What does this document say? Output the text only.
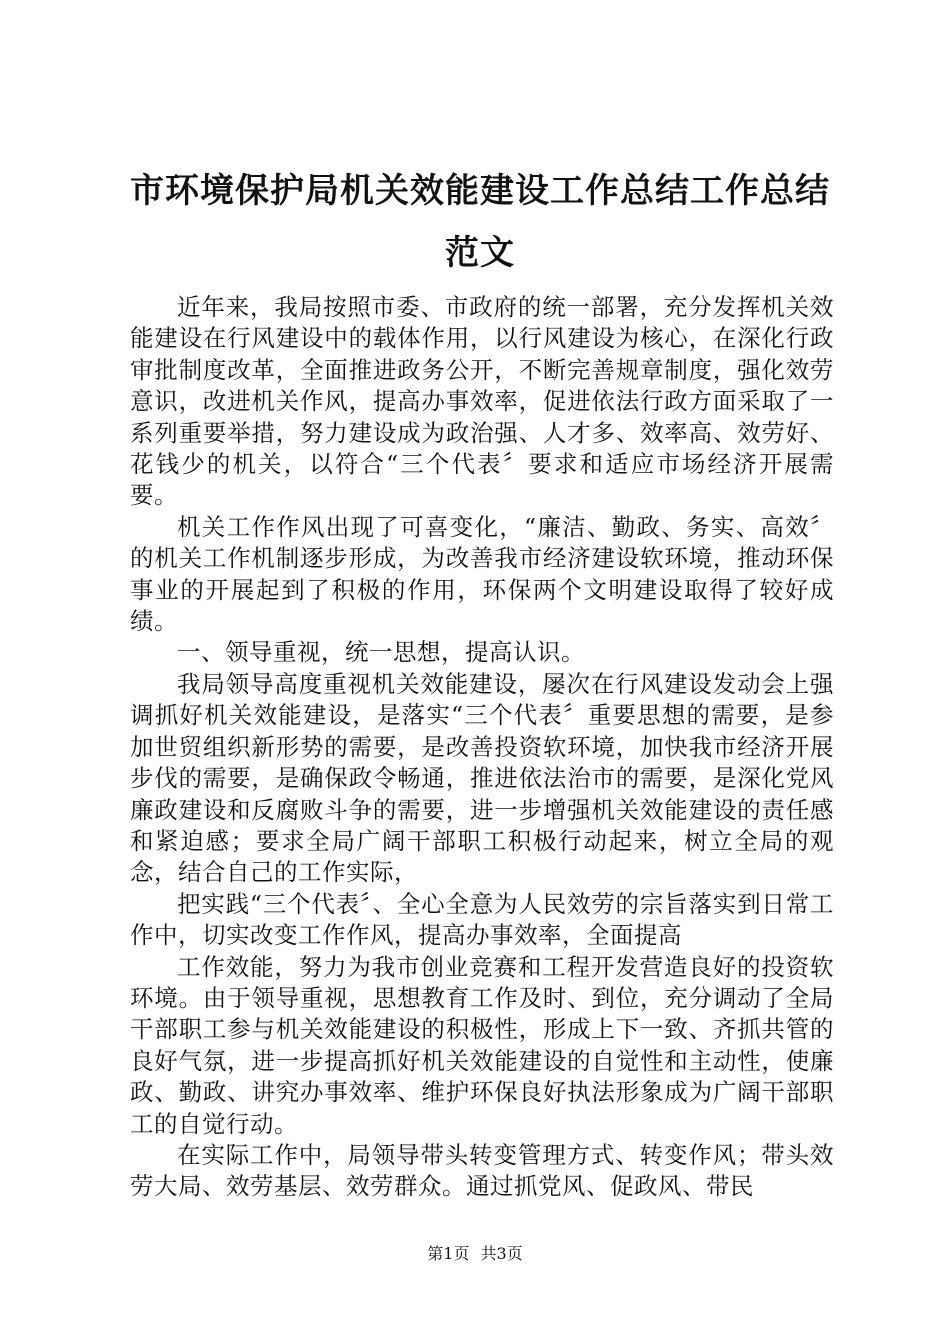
市环境保护局机关效能建设工作总结工作总结范文

近年来，我局按照市委、市政府的统一部署，充分发挥机关效能建设在行风建设中的载体作用，以行风建设为核心，在深化行政审批制度改革，全面推进政务公开，不断完善规章制度，强化效劳意识，改进机关作风，提高办事效率，促进依法行政方面采取了一系列重要举措，努力建设成为政治强、人才多、效率高、效劳好、花钱少的机关，以符合“三个代表〞要求和适应市场经济开展需要。

机关工作作风出现了可喜变化，“廉洁、勤政、务实、高效〞的机关工作机制逐步形成，为改善我市经济建设软环境，推动环保事业的开展起到了积极的作用，环保两个文明建设取得了较好成绩。

一、领导重视，统一思想，提高认识。

我局领导高度重视机关效能建设，屡次在行风建设发动会上强调抓好机关效能建设，是落实“三个代表〞重要思想的需要，是参加世贸组织新形势的需要，是改善投资软环境，加快我市经济开展步伐的需要，是确保政令畅通，推进依法治市的需要，是深化党风廉政建设和反腐败斗争的需要，进一步增强机关效能建设的责任感和紧迫感；要求全局广阔干部职工积极行动起来，树立全局的观念，结合自己的工作实际，

把实践“三个代表〞、全心全意为人民效劳的宗旨落实到日常工作中，切实改变工作作风，提高办事效率，全面提高

工作效能，努力为我市创业竞赛和工程开发营造良好的投资软环境。由于领导重视，思想教育工作及时、到位，充分调动了全局干部职工参与机关效能建设的积极性，形成上下一致、齐抓共管的良好气氛，进一步提高抓好机关效能建设的自觉性和主动性，使廉政、勤政、讲究办事效率、维护环保良好执法形象成为广阔干部职工的自觉行动。

在实际工作中，局领导带头转变管理方式、转变作风；带头效劳大局、效劳基层、效劳群众。通过抓党风、促政风、带民

第1页 共3页
